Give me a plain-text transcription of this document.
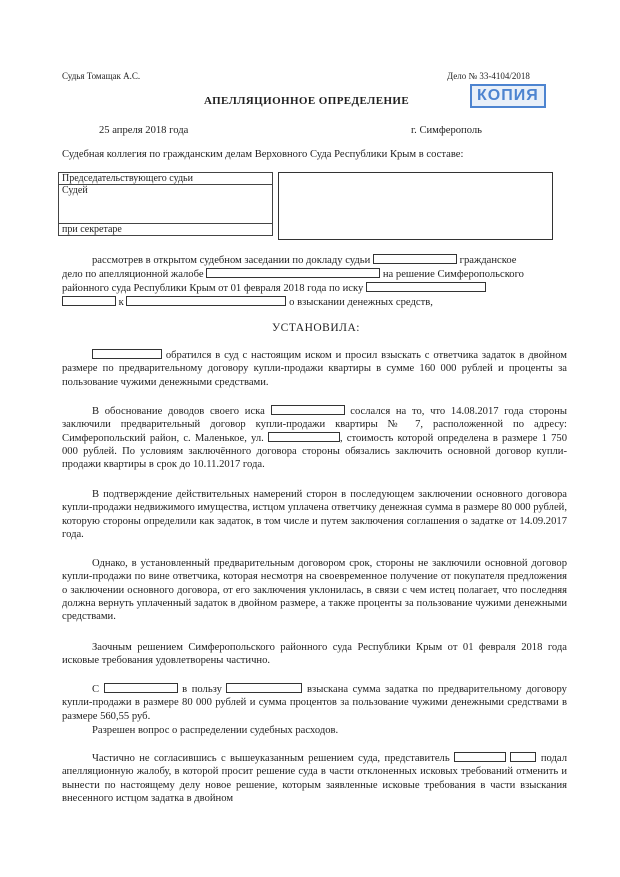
Судья Томащак А.С.	Дело № 33-4104/2018
АПЕЛЛЯЦИОННОЕ ОПРЕДЕЛЕНИЕ	КОПИЯ
25 апреля 2018 года	г. Симферополь
Судебная коллегия по гражданским делам Верховного Суда Республики Крым в составе:
Председательствующего судьи
Судей
при секретаре
рассмотрев в открытом судебном заседании по докладу судьи	гражданское
дело по апелляционной жалобе	на решение Симферопольского
районного суда Республики Крым от 01 февраля 2018 года по иску
к	о взыскании денежных средств,
УСТАНОВИЛА:
обратился в суд с настоящим иском и просил взыскать с ответчика задаток в двойном размере по предварительному договору купли-продажи квартиры в сумме 160 000 рублей и проценты за пользование чужими денежными средствами.
В обоснование доводов своего иска	сослался на то, что 14.08.2017 года стороны заключили предварительный договор купли-продажи квартиры № 7, расположенной по адресу: Симферопольский район, с. Маленькое, ул.	, стоимость которой определена в размере 1 750 000 рублей. По условиям заключённого договора стороны обязались заключить основной договор купли-продажи квартиры в срок до 10.11.2017 года.
В подтверждение действительных намерений сторон в последующем заключении основного договора купли-продажи недвижимого имущества, истцом уплачена ответчику денежная сумма в размере 80 000 рублей, которую стороны определили как задаток, в том числе и путем заключения соглашения о задатке от 14.09.2017 года.
Однако, в установленный предварительным договором срок, стороны не заключили основной договор купли-продажи по вине ответчика, которая несмотря на своевременное получение от покупателя предложения о заключении основного договора, от его заключения уклонилась, в связи с чем истец полагает, что последняя должна вернуть уплаченный задаток в двойном размере, а также проценты за пользование чужими денежными средствами.
Заочным решением Симферопольского районного суда Республики Крым от 01 февраля 2018 года исковые требования удовлетворены частично.
С	в пользу	взыскана сумма задатка по предварительному договору купли-продажи в размере 80 000 рублей и сумма процентов за пользование чужими денежными средствами в размере 560,55 руб.
Разрешен вопрос о распределении судебных расходов.
Частично не согласившись с вышеуказанным решением суда, представитель	подал апелляционную жалобу, в которой просит решение суда в части отклоненных исковых требований отменить и вынести по настоящему делу новое решение, которым заявленные исковые требования в части взыскания внесенного истцом задатка в двойном
